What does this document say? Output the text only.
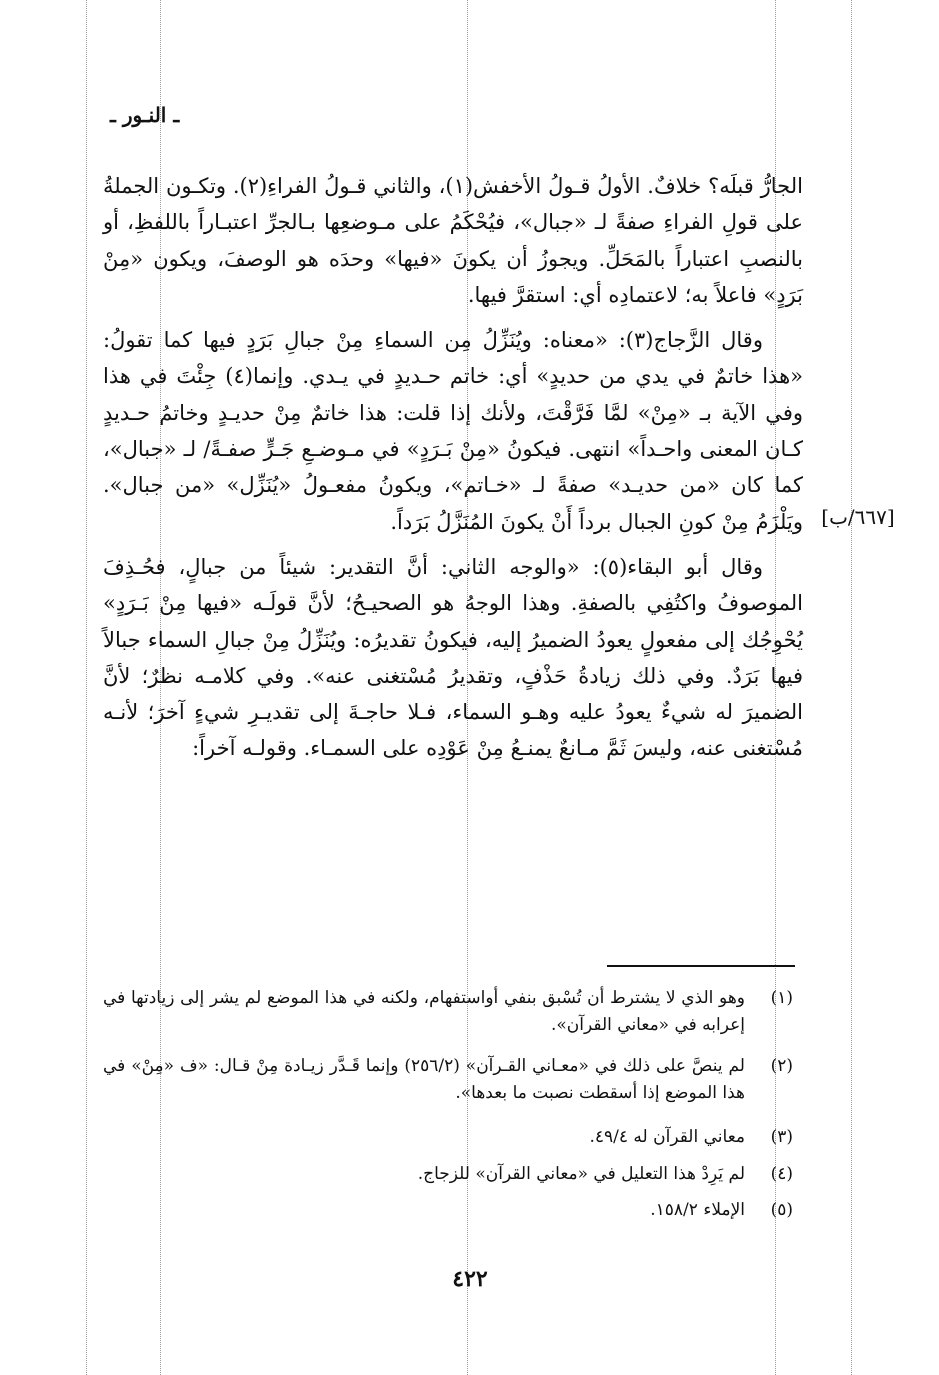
ـ النـور ـ

الجارُّ قبلَه؟ خلافٌ. الأولُ قـولُ الأخفش(١)، والثاني قـولُ الفراءِ(٢). وتكـون الجملةُ على قولِ الفراءِ صفةً لـ «جبال»، فيُحْكَمُ على مـوضعِها بـالجرِّ اعتبـاراً باللفظِ، أو بالنصبِ اعتباراً بالمَحَلِّ. ويجوزُ أن يكونَ «فيها» وحدَه هو الوصفَ، ويكون «مِنْ بَرَدٍ» فاعلاً به؛ لاعتمادِه أي: استقرَّ فيها.

وقال الزَّجاج(٣): «معناه: ويُنَزِّلُ مِن السماءِ مِنْ جبالِ بَرَدٍ فيها كما تقولُ: «هذا خاتمٌ في يدي من حديدٍ» أي: خاتم حـديدٍ في يـدي. وإنما(٤) جِئْتَ في هذا وفي الآية بـ «مِنْ» لمَّا فَرَّقْتَ، ولأنك إذا قلت: هذا خاتمٌ مِنْ حديـدٍ وخاتمُ حـديدٍ كـان المعنى واحـداً» انتهى. فيكونُ «مِنْ بَـرَدٍ» في مـوضـعِ جَـرٍّ صفـةً/ لـ «جبال»، كما كان «من حديـد» صفةً لـ «خـاتم»، ويكونُ مفعـولُ «يُنَزِّل» «من جبال». ويَلْزَمُ مِنْ كونِ الجبال برداً أَنْ يكونَ المُنَزَّلُ بَرَداً.

وقال أبو البقاء(٥): «والوجه الثاني: أنَّ التقدير: شيئاً من جبالٍ، فحُـذِفَ الموصوفُ واكتُفِي بالصفةِ. وهذا الوجهُ هو الصحيـحُ؛ لأنَّ قولَـه «فيها مِنْ بَـرَدٍ» يُحْوِجُك إلى مفعولٍ يعودُ الضميرُ إليه، فيكونُ تقديرُه: ويُنَزِّلُ مِنْ جبالِ السماء جبالاً فيها بَرَدٌ. وفي ذلك زيادةُ حَذْفٍ، وتقديرُ مُسْتغنى عنه». وفي كلامـه نظرٌ؛ لأنَّ الضميرَ له شيءٌ يعودُ عليه وهـو السماء، فـلا حاجـةَ إلى تقديـرِ شيءٍ آخرَ؛ لأنـه مُسْتغنى عنه، وليسَ ثَمَّ مـانعٌ يمنـعُ مِنْ عَوْدِه على السمـاء. وقولـه آخراً:

[٦٦٧/ب]
(١)
وهو الذي لا يشترط أن تُسْبق بنفي أواستفهام، ولكنه في هذا الموضع لم يشر إلى زيادتها في إعرابه في «معاني القرآن».
(٢)
لم ينصَّ على ذلك في «معـاني القـرآن» (٢٥٦/٢) وإنما قَـدَّر زيـادة مِنْ قـال: «ف «مِنْ» في هذا الموضع إذا أسقطت نصبت ما بعدها».
(٣)
معاني القرآن له ٤٩/٤.
(٤)
لم يَرِدْ هذا التعليل في «معاني القرآن» للزجاج.
(٥)
الإملاء ١٥٨/٢.
٤٢٢
